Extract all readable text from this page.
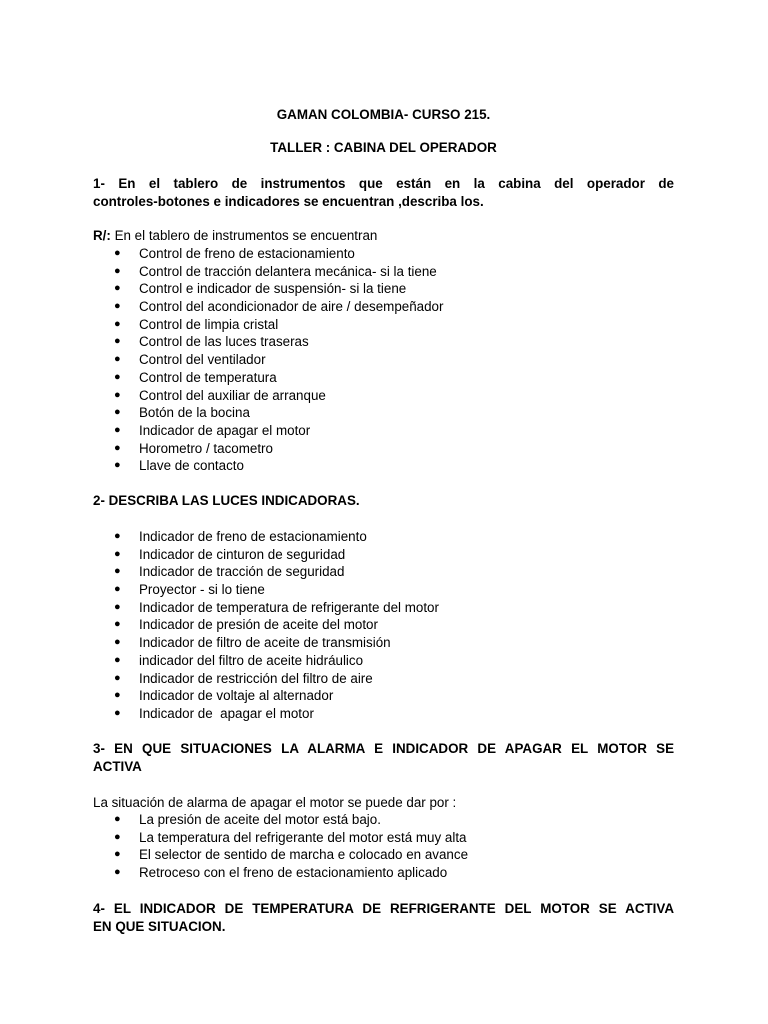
GAMAN COLOMBIA- CURSO 215.
TALLER : CABINA DEL OPERADOR
1- En el tablero de instrumentos que están en la cabina del operador de
controles-botones e indicadores se encuentran ,describa los.
R/: En el tablero de instrumentos se encuentran
● Control de freno de estacionamiento
● Control de tracción delantera mecánica- si la tiene
● Control e indicador de suspensión- si la tiene
● Control del acondicionador de aire / desempeñador
● Control de limpia cristal
● Control de las luces traseras
● Control del ventilador
● Control de temperatura
● Control del auxiliar de arranque
● Botón de la bocina
● Indicador de apagar el motor
● Horometro / tacometro
● Llave de contacto
2- DESCRIBA LAS LUCES INDICADORAS.
● Indicador de freno de estacionamiento
● Indicador de cinturon de seguridad
● Indicador de tracción de seguridad
● Proyector - si lo tiene
● Indicador de temperatura de refrigerante del motor
● Indicador de presión de aceite del motor
● Indicador de filtro de aceite de transmisión
● indicador del filtro de aceite hidráulico
● Indicador de restricción del filtro de aire
● Indicador de voltaje al alternador
● Indicador de  apagar el motor
3- EN QUE SITUACIONES LA ALARMA E INDICADOR DE APAGAR EL MOTOR SE
ACTIVA
La situación de alarma de apagar el motor se puede dar por :
● La presión de aceite del motor está bajo.
● La temperatura del refrigerante del motor está muy alta
● El selector de sentido de marcha e colocado en avance
● Retroceso con el freno de estacionamiento aplicado
4- EL INDICADOR DE TEMPERATURA DE REFRIGERANTE DEL MOTOR SE ACTIVA
EN QUE SITUACION.
